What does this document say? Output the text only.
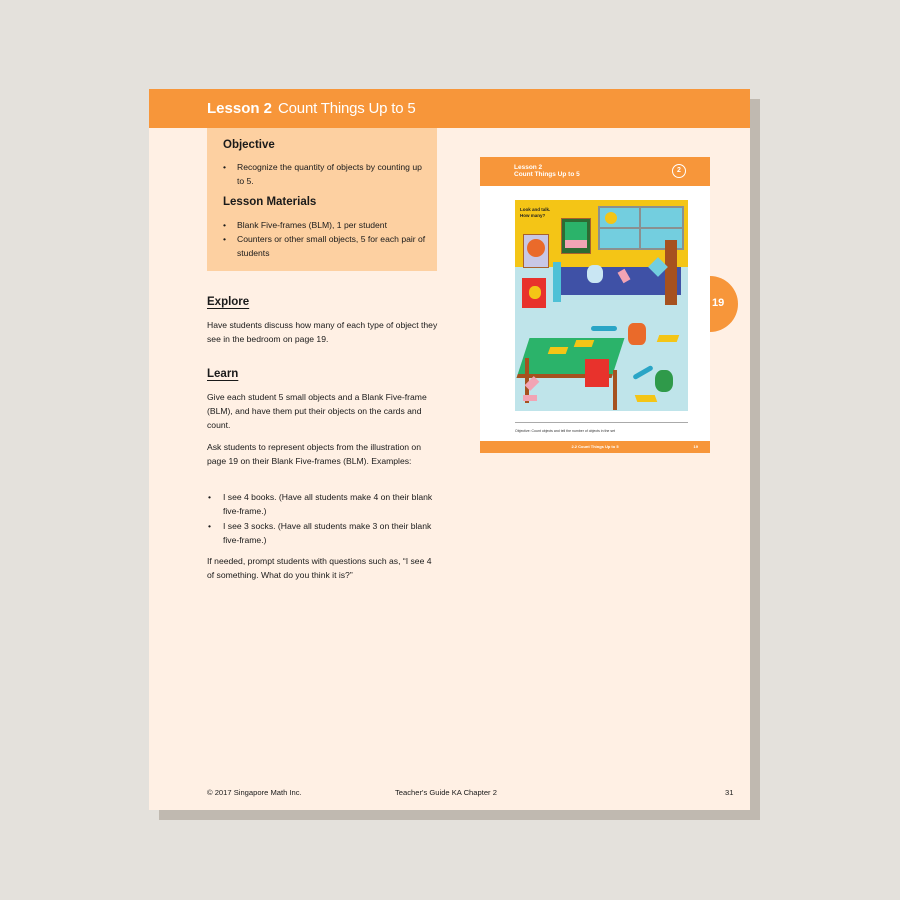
Lesson 2 Count Things Up to 5
Objective
• Recognize the quantity of objects by counting up to 5.
Lesson Materials
• Blank Five-frames (BLM), 1 per student
• Counters or other small objects, 5 for each pair of students
Explore
Have students discuss how many of each type of object they see in the bedroom on page 19.
Learn
Give each student 5 small objects and a Blank Five-frame (BLM), and have them put their objects on the cards and count.
Ask students to represent objects from the illustration on page 19 on their Blank Five-frames (BLM). Examples:
• I see 4 books. (Have all students make 4 on their blank five-frame.)
• I see 3 socks. (Have all students make 3 on their blank five-frame.)
If needed, prompt students with questions such as, “I see 4 of something. What do you think it is?”
Lesson 2
Count Things Up to 5
2
Look and talk.
How many?
Objective: Count objects and tell the number of objects in the set
2.2 Count Things Up to 5	19
19
© 2017 Singapore Math Inc.	Teacher's Guide KA Chapter 2	31
